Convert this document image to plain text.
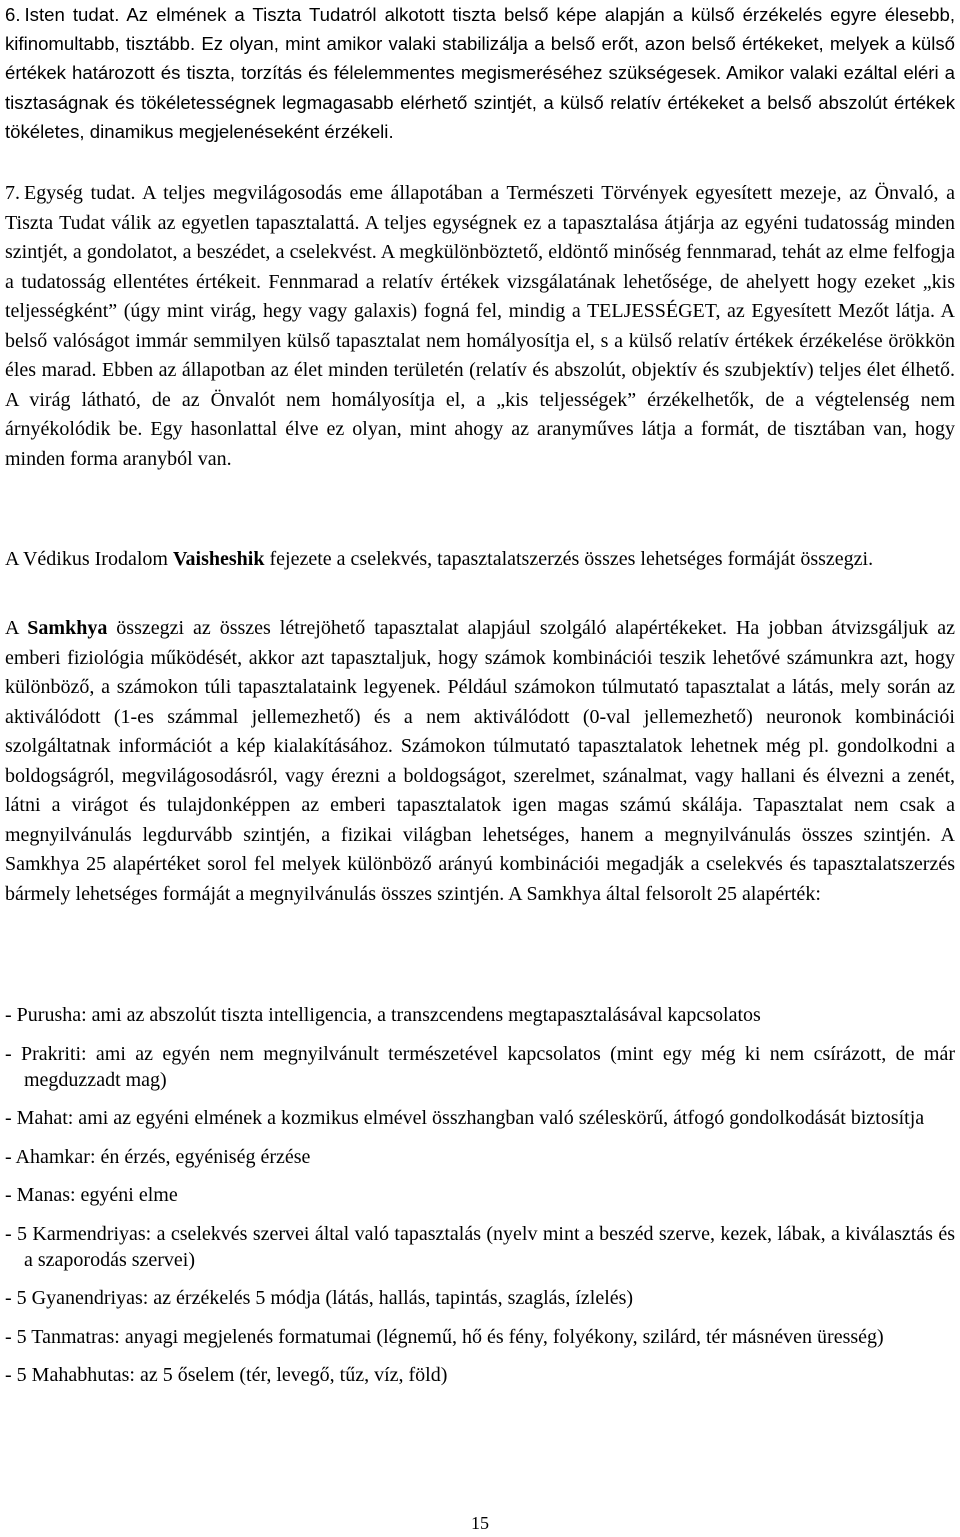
6. Isten tudat. Az elmének a Tiszta Tudatról alkotott tiszta belső képe alapján a külső érzékelés egyre élesebb, kifinomultabb, tisztább. Ez olyan, mint amikor valaki stabilizálja a belső erőt, azon belső értékeket, melyek a külső értékek határozott és tiszta, torzítás és félelemmentes megismeréséhez szükségesek. Amikor valaki ezáltal eléri a tisztaságnak és tökéletességnek legmagasabb elérhető szintjét, a külső relatív értékeket a belső abszolút értékek tökéletes, dinamikus megjelenéseként érzékeli.

7. Egység tudat. A teljes megvilágosodás eme állapotában a Természeti Törvények egyesített mezeje, az Önvaló, a Tiszta Tudat válik az egyetlen tapasztalattá. A teljes egységnek ez a tapasztalása átjárja az egyéni tudatosság minden szintjét, a gondolatot, a beszédet, a cselekvést. A megkülönböztető, eldöntő minőség fennmarad, tehát az elme felfogja a tudatosság ellentétes értékeit. Fennmarad a relatív értékek vizsgálatának lehetősége, de ahelyett hogy ezeket „kis teljességként” (úgy mint virág, hegy vagy galaxis) fogná fel, mindig a TELJESSÉGET, az Egyesített Mezőt látja. A belső valóságot immár semmilyen külső tapasztalat nem homályosítja el, s a külső relatív értékek érzékelése örökkön éles marad. Ebben az állapotban az élet minden területén (relatív és abszolút, objektív és szubjektív) teljes élet élhető. A virág látható, de az Önvalót nem homályosítja el, a „kis teljességek” érzékelhetők, de a végtelenség nem árnyékolódik be. Egy hasonlattal élve ez olyan, mint ahogy az aranyműves látja a formát, de tisztában van, hogy minden forma aranyból van.

A Védikus Irodalom Vaisheshik fejezete a cselekvés, tapasztalatszerzés összes lehetséges formáját összegzi.

A Samkhya összegzi az összes létrejöhető tapasztalat alapjául szolgáló alapértékeket. Ha jobban átvizsgáljuk az emberi fiziológia működését, akkor azt tapasztaljuk, hogy számok kombinációi teszik lehetővé számunkra azt, hogy különböző, a számokon túli tapasztalataink legyenek. Például számokon túlmutató tapasztalat a látás, mely során az aktiválódott (1-es számmal jellemezhető) és a nem aktiválódott (0-val jellemezhető) neuronok kombinációi szolgáltatnak információt a kép kialakításához. Számokon túlmutató tapasztalatok lehetnek még pl. gondolkodni a boldogságról, megvilágosodásról, vagy érezni a boldogságot, szerelmet, szánalmat, vagy hallani és élvezni a zenét, látni a virágot és tulajdonképpen az emberi tapasztalatok igen magas számú skálája. Tapasztalat nem csak a megnyilvánulás legdurvább szintjén, a fizikai világban lehetséges, hanem a megnyilvánulás összes szintjén. A Samkhya 25 alapértéket sorol fel melyek különböző arányú kombinációi megadják a cselekvés és tapasztalatszerzés bármely lehetséges formáját a megnyilvánulás összes szintjén. A Samkhya által felsorolt 25 alapérték:

- Purusha: ami az abszolút tiszta intelligencia, a transzcendens megtapasztalásával kapcsolatos
- Prakriti: ami az egyén nem megnyilvánult természetével kapcsolatos (mint egy még ki nem csírázott, de már megduzzadt mag)
- Mahat: ami az egyéni elmének a kozmikus elmével összhangban való széleskörű, átfogó gondolkodását biztosítja
- Ahamkar: én érzés, egyéniség érzése
- Manas: egyéni elme
- 5 Karmendriyas: a cselekvés szervei által való tapasztalás (nyelv mint a beszéd szerve, kezek, lábak, a kiválasztás és a szaporodás szervei)
- 5 Gyanendriyas: az érzékelés 5 módja (látás, hallás, tapintás, szaglás, ízlelés)
- 5 Tanmatras: anyagi megjelenés formatumai (légnemű, hő és fény, folyékony, szilárd, tér másnéven üresség)
- 5 Mahabhutas: az 5 őselem (tér, levegő, tűz, víz, föld)
15
